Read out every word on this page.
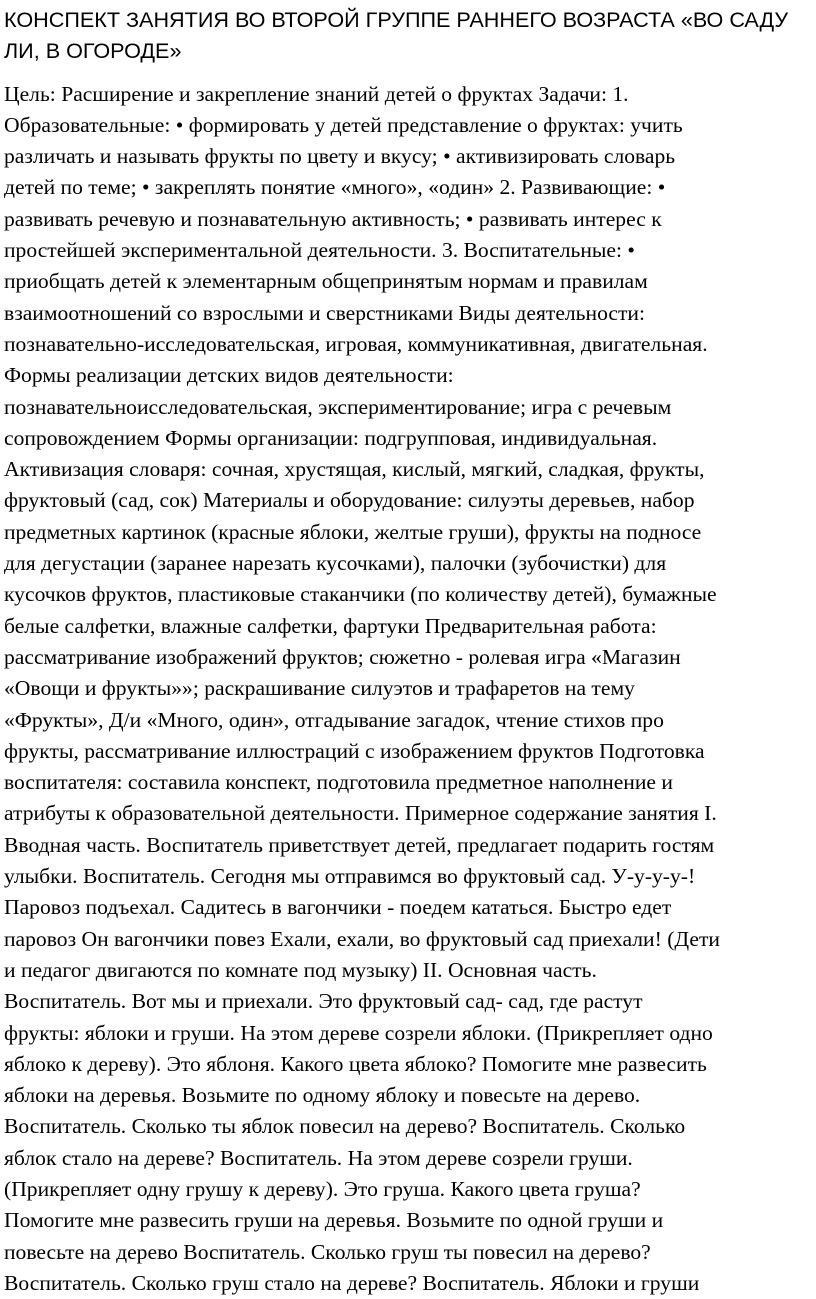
КОНСПЕКТ ЗАНЯТИЯ ВО ВТОРОЙ ГРУППЕ РАННЕГО ВОЗРАСТА «ВО САДУ ЛИ, В ОГОРОДЕ»
Цель: Расширение и закрепление знаний детей о фруктах Задачи: 1.
Образовательные: • формировать у детей представление о фруктах: учить
различать и называть фрукты по цвету и вкусу; • активизировать словарь
детей по теме; • закреплять понятие «много», «один» 2. Развивающие: •
развивать речевую и познавательную активность; • развивать интерес к
простейшей экспериментальной деятельности. 3. Воспитательные: •
приобщать детей к элементарным общепринятым нормам и правилам
взаимоотношений со взрослыми и сверстниками Виды деятельности:
познавательно-исследовательская, игровая, коммуникативная, двигательная.
Формы реализации детских видов деятельности:
познавательноисследовательская, экспериментирование; игра с речевым
сопровождением Формы организации: подгрупповая, индивидуальная.
Активизация словаря: сочная, хрустящая, кислый, мягкий, сладкая, фрукты,
фруктовый (сад, сок) Материалы и оборудование: силуэты деревьев, набор
предметных картинок (красные яблоки, желтые груши), фрукты на подносе
для дегустации (заранее нарезать кусочками), палочки (зубочистки) для
кусочков фруктов, пластиковые стаканчики (по количеству детей), бумажные
белые салфетки, влажные салфетки, фартуки Предварительная работа:
рассматривание изображений фруктов; сюжетно - ролевая игра «Магазин
«Овощи и фрукты»»; раскрашивание силуэтов и трафаретов на тему
«Фрукты», Д/и «Много, один», отгадывание загадок, чтение стихов про
фрукты, рассматривание иллюстраций с изображением фруктов Подготовка
воспитателя: составила конспект, подготовила предметное наполнение и
атрибуты к образовательной деятельности. Примерное содержание занятия I.
Вводная часть. Воспитатель приветствует детей, предлагает подарить гостям
улыбки. Воспитатель. Сегодня мы отправимся во фруктовый сад. У-у-у-у-!
Паровоз подъехал. Садитесь в вагончики - поедем кататься. Быстро едет
паровоз Он вагончики повез Ехали, ехали, во фруктовый сад приехали! (Дети
и педагог двигаются по комнате под музыку) II. Основная часть.
Воспитатель. Вот мы и приехали. Это фруктовый сад- сад, где растут
фрукты: яблоки и груши. На этом дереве созрели яблоки. (Прикрепляет одно
яблоко к дереву). Это яблоня. Какого цвета яблоко? Помогите мне развесить
яблоки на деревья. Возьмите по одному яблоку и повесьте на дерево.
Воспитатель. Сколько ты яблок повесил на дерево? Воспитатель. Сколько
яблок стало на дереве? Воспитатель. На этом дереве созрели груши.
(Прикрепляет одну грушу к дереву). Это груша. Какого цвета груша?
Помогите мне развесить груши на деревья. Возьмите по одной груши и
повесьте на дерево Воспитатель. Сколько груш ты повесил на дерево?
Воспитатель. Сколько груш стало на дереве? Воспитатель. Яблоки и груши
